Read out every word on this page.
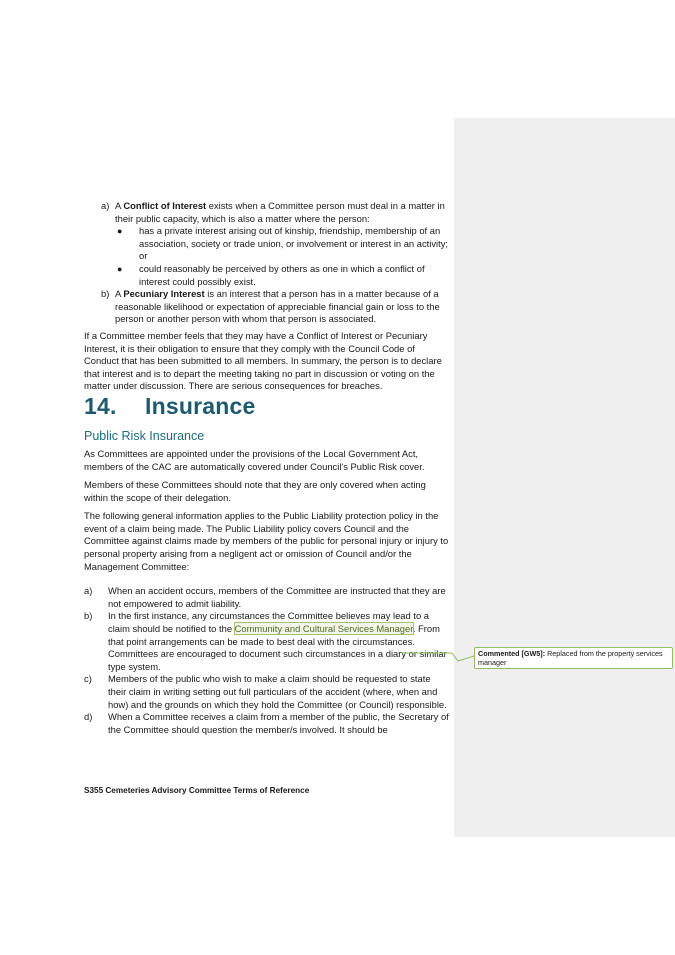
a) A Conflict of Interest exists when a Committee person must deal in a matter in their public capacity, which is also a matter where the person:

● has a private interest arising out of kinship, friendship, membership of an association, society or trade union, or involvement or interest in an activity; or

● could reasonably be perceived by others as one in which a conflict of interest could possibly exist.

b) A Pecuniary Interest is an interest that a person has in a matter because of a reasonable likelihood or expectation of appreciable financial gain or loss to the person or another person with whom that person is associated.

If a Committee member feels that they may have a Conflict of Interest or Pecuniary Interest, it is their obligation to ensure that they comply with the Council Code of Conduct that has been submitted to all members. In summary, the person is to declare that interest and is to depart the meeting taking no part in discussion or voting on the matter under discussion. There are serious consequences for breaches.

14. Insurance
Public Risk Insurance

As Committees are appointed under the provisions of the Local Government Act, members of the CAC are automatically covered under Council's Public Risk cover.

Members of these Committees should note that they are only covered when acting within the scope of their delegation.

The following general information applies to the Public Liability protection policy in the event of a claim being made. The Public Liability policy covers Council and the Committee against claims made by members of the public for personal injury or injury to personal property arising from a negligent act or omission of Council and/or the Management Committee:

a) When an accident occurs, members of the Committee are instructed that they are not empowered to admit liability.

b) In the first instance, any circumstances the Committee believes may lead to a claim should be notified to the Community and Cultural Services Manager. From that point arrangements can be made to best deal with the circumstances. Committees are encouraged to document such circumstances in a diary or similar type system.

c) Members of the public who wish to make a claim should be requested to state their claim in writing setting out full particulars of the accident (where, when and how) and the grounds on which they hold the Committee (or Council) responsible.

d) When a Committee receives a claim from a member of the public, the Secretary of the Committee should question the member/s involved. It should be

S355 Cemeteries Advisory Committee Terms of Reference
Commented [GW5]: Replaced from the property services manager
